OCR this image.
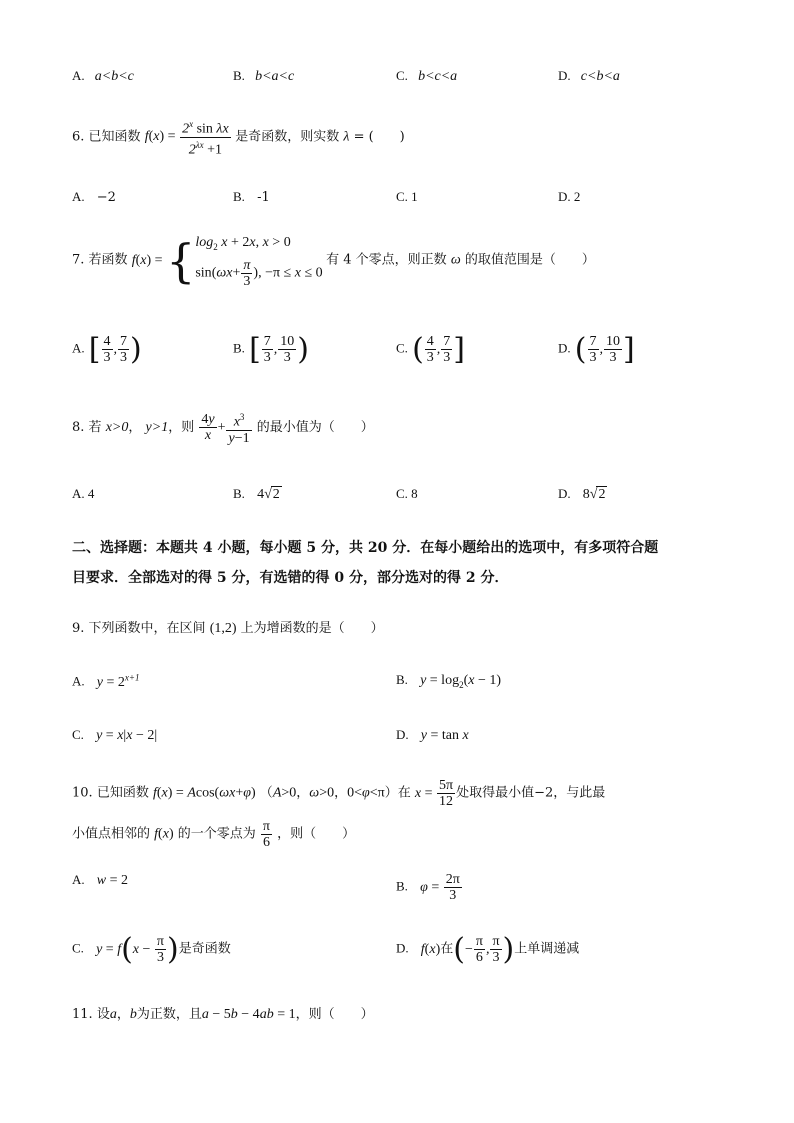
A. a<b<c	B. b<a<c	C. b<c<a	D. c<b<a
6. 已知函数 $f(x) = \frac{2^x \sin \lambda x}{2^{\lambda x} +1}$ 是奇函数，则实数 λ = (　　)
A. −2	B. -1	C. 1	D. 2
7. 若函数 f(x) = { $\log_2 x + 2x$, x > 0
$\sin(\omega x+ \frac{\pi}{3}$ ), −π ≤ x ≤ 0
有 4 个零点，则正数 ω 的取值范围是（　　）
A. [ $\frac{4}{3}$ , $\frac{7}{3}$ )	B. [ $\frac{7}{3}$ , $\frac{10}{3}$ )	C. ( $\frac{4}{3}$ , $\frac{7}{3}$ ]	D. ( $\frac{7}{3}$ , $\frac{10}{3}$ ]
8. 若 x>0， y>1，则 $\frac{4y}{x} + \frac{x^3}{y-1}$ 的最小值为（　　）
A. 4	B. 4√2	C. 8	D. 8√2
二、选择题：本题共 4 小题，每小题 5 分，共 20 分．在每小题给出的选项中，有多项符合题
目要求．全部选对的得 5 分，有选错的得 0 分，部分选对的得 2 分．
9. 下列函数中，在区间 (1,2) 上为增函数的是（　　）
A. $y = 2^{x+1}$	B. $y = \log_2(x - 1)$
C. y = x|x − 2|	D. y = tan x
10. 已知函数 f(x) = Acos(ωx+φ) （A>0，ω>0，0<φ<π）在 $x = \frac{5\pi}{12}$ 处取得最小值−2，与此最
小值点相邻的 f(x) 的一个零点为 $\frac{\pi}{6}$ ，则（　　）
A. w = 2	B. $\varphi = \frac{2\pi}{3}$
C. $y = f(x - \frac{\pi}{3}$ )是奇函数	D. f(x)在(− $\frac{\pi}{6}$ , $\frac{\pi}{3}$ )上单调递减
11. 设a，b为正数，且a − 5b − 4ab = 1，则（　　）
